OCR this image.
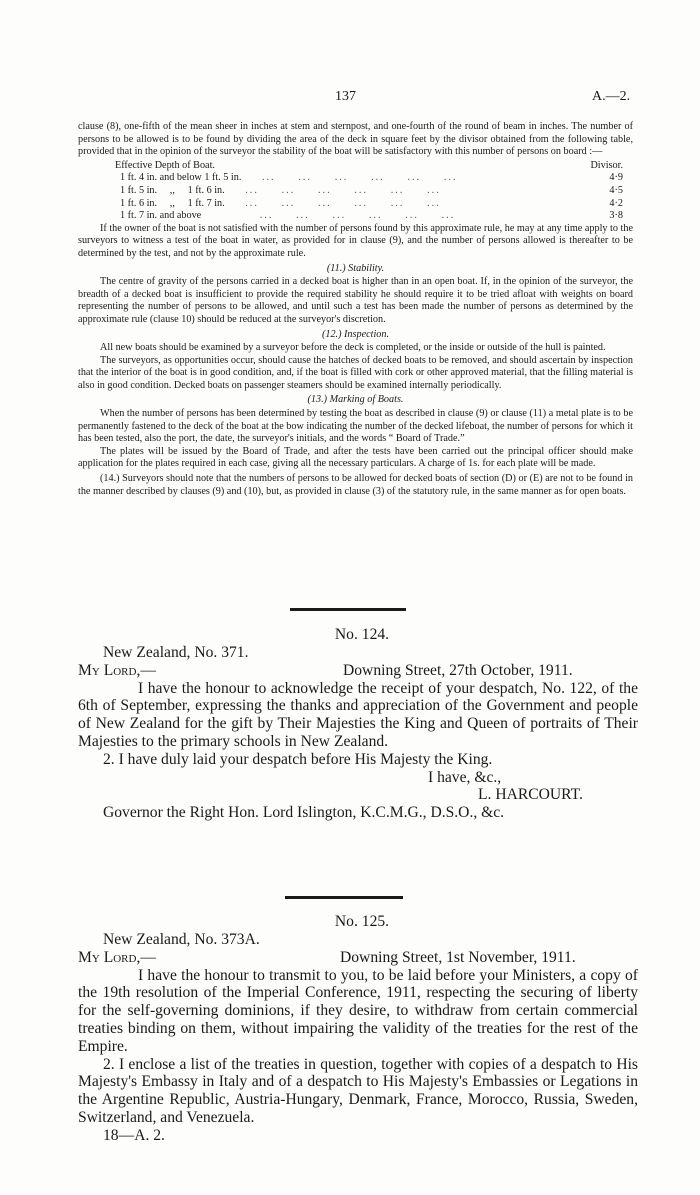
137	A.—2.
clause (8), one-fifth of the mean sheer in inches at stem and sternpost, and one-fourth of the round of beam in inches. The number of persons to be allowed is to be found by dividing the area of the deck in square feet by the divisor obtained from the following table, provided that in the opinion of the surveyor the stability of the boat will be satisfactory with this number of persons on board :—
Effective Depth of Boat.	Divisor.
1 ft. 4 in. and below 1 ft. 5 in. ...     ...     ...     ...     ...     ...	4·9
1 ft. 5 in.     ,,     1 ft. 6 in. ...     ...     ...     ...     ...     ...	4·5
1 ft. 6 in.     ,,     1 ft. 7 in. ...     ...     ...     ...     ...     ...	4·2
1 ft. 7 in. and above ...     ...     ...     ...     ...     ...	3·8
If the owner of the boat is not satisfied with the number of persons found by this approximate rule, he may at any time apply to the surveyors to witness a test of the boat in water, as provided for in clause (9), and the number of persons allowed is thereafter to be determined by the test, and not by the approximate rule.
(11.) Stability.
The centre of gravity of the persons carried in a decked boat is higher than in an open boat. If, in the opinion of the surveyor, the breadth of a decked boat is insufficient to provide the required stability he should require it to be tried afloat with weights on board representing the number of persons to be allowed, and until such a test has been made the number of persons as determined by the approximate rule (clause 10) should be reduced at the surveyor's discretion.
(12.) Inspection.
All new boats should be examined by a surveyor before the deck is completed, or the inside or outside of the hull is painted.
The surveyors, as opportunities occur, should cause the hatches of decked boats to be removed, and should ascertain by inspection that the interior of the boat is in good condition, and, if the boat is filled with cork or other approved material, that the filling material is also in good condition. Decked boats on passenger steamers should be examined internally periodically.
(13.) Marking of Boats.
When the number of persons has been determined by testing the boat as described in clause (9) or clause (11) a metal plate is to be permanently fastened to the deck of the boat at the bow indicating the number of the decked lifeboat, the number of persons for which it has been tested, also the port, the date, the surveyor's initials, and the words “ Board of Trade.”
The plates will be issued by the Board of Trade, and after the tests have been carried out the principal officer should make application for the plates required in each case, giving all the necessary particulars. A charge of 1s. for each plate will be made.
(14.) Surveyors should note that the numbers of persons to be allowed for decked boats of section (D) or (E) are not to be found in the manner described by clauses (9) and (10), but, as provided in clause (3) of the statutory rule, in the same manner as for open boats.
No. 124.
New Zealand, No. 371.
My Lord,—	Downing Street, 27th October, 1911.
I have the honour to acknowledge the receipt of your despatch, No. 122, of the 6th of September, expressing the thanks and appreciation of the Government and people of New Zealand for the gift by Their Majesties the King and Queen of portraits of Their Majesties to the primary schools in New Zealand.
2. I have duly laid your despatch before His Majesty the King.
I have, &c.,
L. HARCOURT.
Governor the Right Hon. Lord Islington, K.C.M.G., D.S.O., &c.
No. 125.
New Zealand, No. 373A.
My Lord,—	Downing Street, 1st November, 1911.
I have the honour to transmit to you, to be laid before your Ministers, a copy of the 19th resolution of the Imperial Conference, 1911, respecting the securing of liberty for the self-governing dominions, if they desire, to withdraw from certain commercial treaties binding on them, without impairing the validity of the treaties for the rest of the Empire.
2. I enclose a list of the treaties in question, together with copies of a despatch to His Majesty's Embassy in Italy and of a despatch to His Majesty's Embassies or Legations in the Argentine Republic, Austria-Hungary, Denmark, France, Morocco, Russia, Sweden, Switzerland, and Venezuela.
18—A. 2.
